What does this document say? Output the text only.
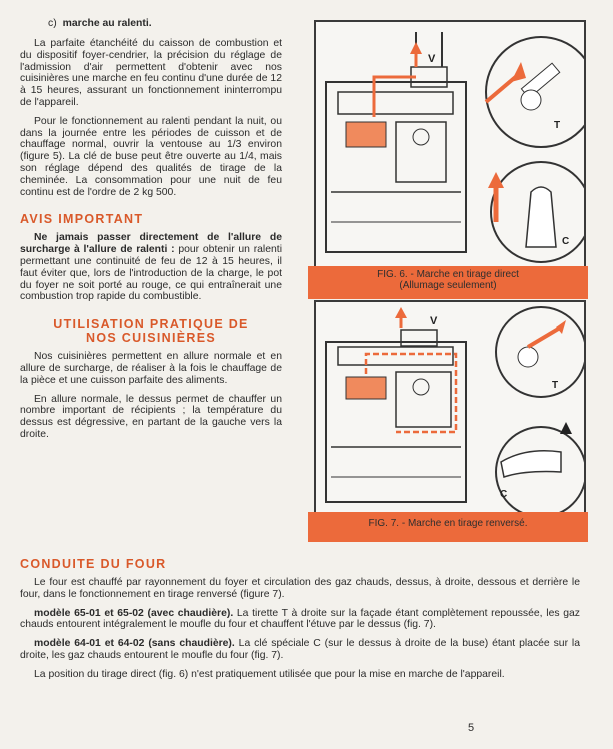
c) marche au ralenti.

La parfaite étanchéité du caisson de combustion et du dispositif foyer-cendrier, la précision du réglage de l'admission d'air permettent d'obtenir avec nos cuisinières une marche en feu continu d'une durée de 12 à 15 heures, assurant un fonctionnement ininterrompu de l'appareil.

Pour le fonctionnement au ralenti pendant la nuit, ou dans la journée entre les périodes de cuisson et de chauffage normal, ouvrir la ventouse au 1/3 environ (figure 5). La clé de buse peut être ouverte au 1/4, mais son réglage dépend des qualités de tirage de la cheminée. La consommation pour une nuit de feu continu est de l'ordre de 2 kg 500.

AVIS IMPORTANT

Ne jamais passer directement de l'allure de surcharge à l'allure de ralenti : pour obtenir un ralenti permettant une continuité de feu de 12 à 15 heures, il faut éviter que, lors de l'introduction de la charge, le pot du foyer ne soit porté au rouge, ce qui entraînerait une combustion trop rapide du combustible.

UTILISATION PRATIQUE DE
NOS CUISINIÈRES

Nos cuisinières permettent en allure normale et en allure de surcharge, de réaliser à la fois le chauffage de la pièce et une cuisson parfaite des aliments.

En allure normale, le dessus permet de chauffer un nombre important de récipients ; la température du dessus est dégressive, en partant de la gauche vers la droite.

V
T
C
FIG. 6. - Marche en tirage direct
(Allumage seulement)
V
T
C
FIG. 7. - Marche en tirage renversé.
CONDUITE DU FOUR

Le four est chauffé par rayonnement du foyer et circulation des gaz chauds, dessus, à droite, dessous et derrière le four, dans le fonctionnement en tirage renversé (figure 7).

modèle 65-01 et 65-02 (avec chaudière). La tirette T à droite sur la façade étant complètement repoussée, les gaz chauds entourent intégralement le moufle du four et chauffent l'étuve par le dessus (fig. 7).

modèle 64-01 et 64-02 (sans chaudière). La clé spéciale C (sur le dessus à droite de la buse) étant placée sur la droite, les gaz chauds entourent le moufle du four (fig. 7).

La position du tirage direct (fig. 6) n'est pratiquement utilisée que pour la mise en marche de l'appareil.

5
